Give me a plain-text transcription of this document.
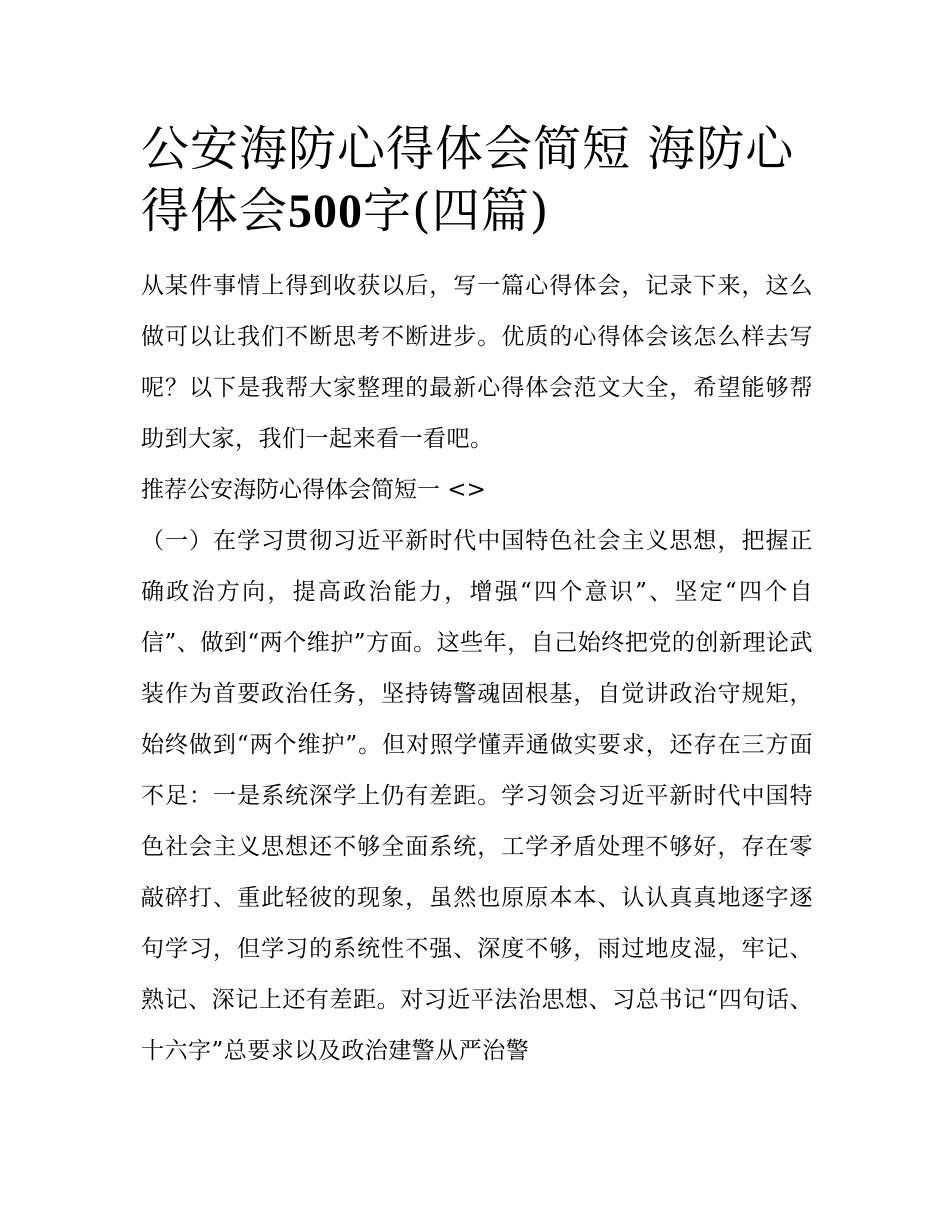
公安海防心得体会简短 海防心得体会500字(四篇)

从某件事情上得到收获以后，写一篇心得体会，记录下来，这么做可以让我们不断思考不断进步。优质的心得体会该怎么样去写呢？以下是我帮大家整理的最新心得体会范文大全，希望能够帮助到大家，我们一起来看一看吧。

推荐公安海防心得体会简短一 <>

（一）在学习贯彻习近平新时代中国特色社会主义思想，把握正确政治方向，提高政治能力，增强“四个意识”、坚定“四个自信”、做到“两个维护”方面。这些年，自己始终把党的创新理论武装作为首要政治任务，坚持铸警魂固根基，自觉讲政治守规矩，始终做到“两个维护”。但对照学懂弄通做实要求，还存在三方面不足：一是系统深学上仍有差距。学习领会习近平新时代中国特色社会主义思想还不够全面系统，工学矛盾处理不够好，存在零敲碎打、重此轻彼的现象，虽然也原原本本、认认真真地逐字逐句学习，但学习的系统性不强、深度不够，雨过地皮湿，牢记、熟记、深记上还有差距。对习近平法治思想、习总书记“四句话、十六字”总要求以及政治建警从严治警
